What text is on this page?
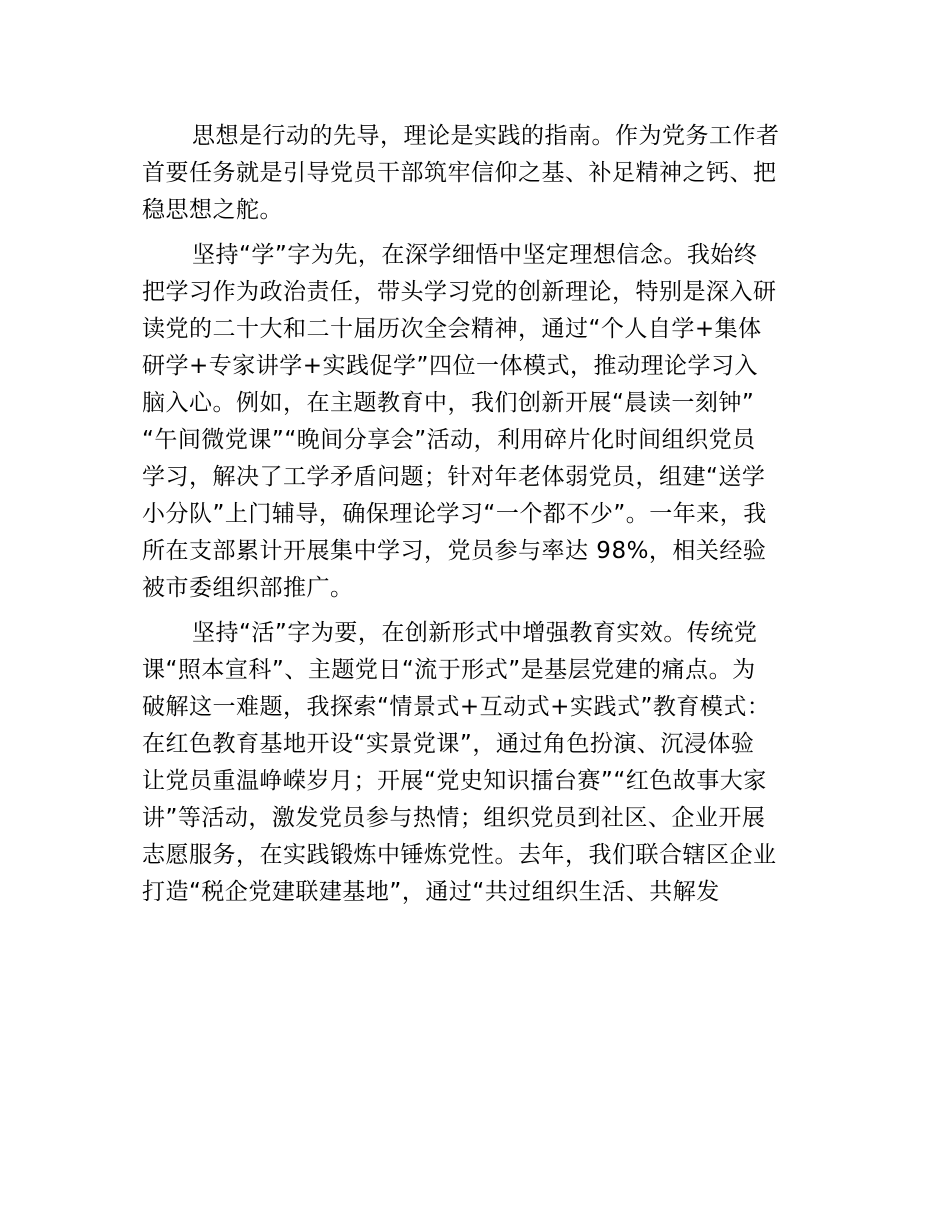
思想是行动的先导，理论是实践的指南。作为党务工作者
首要任务就是引导党员干部筑牢信仰之基、补足精神之钙、把
稳思想之舵。
坚持“学”字为先，在深学细悟中坚定理想信念。我始终
把学习作为政治责任，带头学习党的创新理论，特别是深入研
读党的二十大和二十届历次全会精神，通过“个人自学+集体
研学+专家讲学+实践促学”四位一体模式，推动理论学习入
脑入心。例如，在主题教育中，我们创新开展“晨读一刻钟”
“午间微党课”“晚间分享会”活动，利用碎片化时间组织党员
学习，解决了工学矛盾问题；针对年老体弱党员，组建“送学
小分队”上门辅导，确保理论学习“一个都不少”。一年来，我
所在支部累计开展集中学习，党员参与率达 98%，相关经验
被市委组织部推广。
坚持“活”字为要，在创新形式中增强教育实效。传统党
课“照本宣科”、主题党日“流于形式”是基层党建的痛点。为
破解这一难题，我探索“情景式+互动式+实践式”教育模式：
在红色教育基地开设“实景党课”，通过角色扮演、沉浸体验
让党员重温峥嵘岁月；开展“党史知识擂台赛”“红色故事大家
讲”等活动，激发党员参与热情；组织党员到社区、企业开展
志愿服务，在实践锻炼中锤炼党性。去年，我们联合辖区企业
打造“税企党建联建基地”，通过“共过组织生活、共解发
